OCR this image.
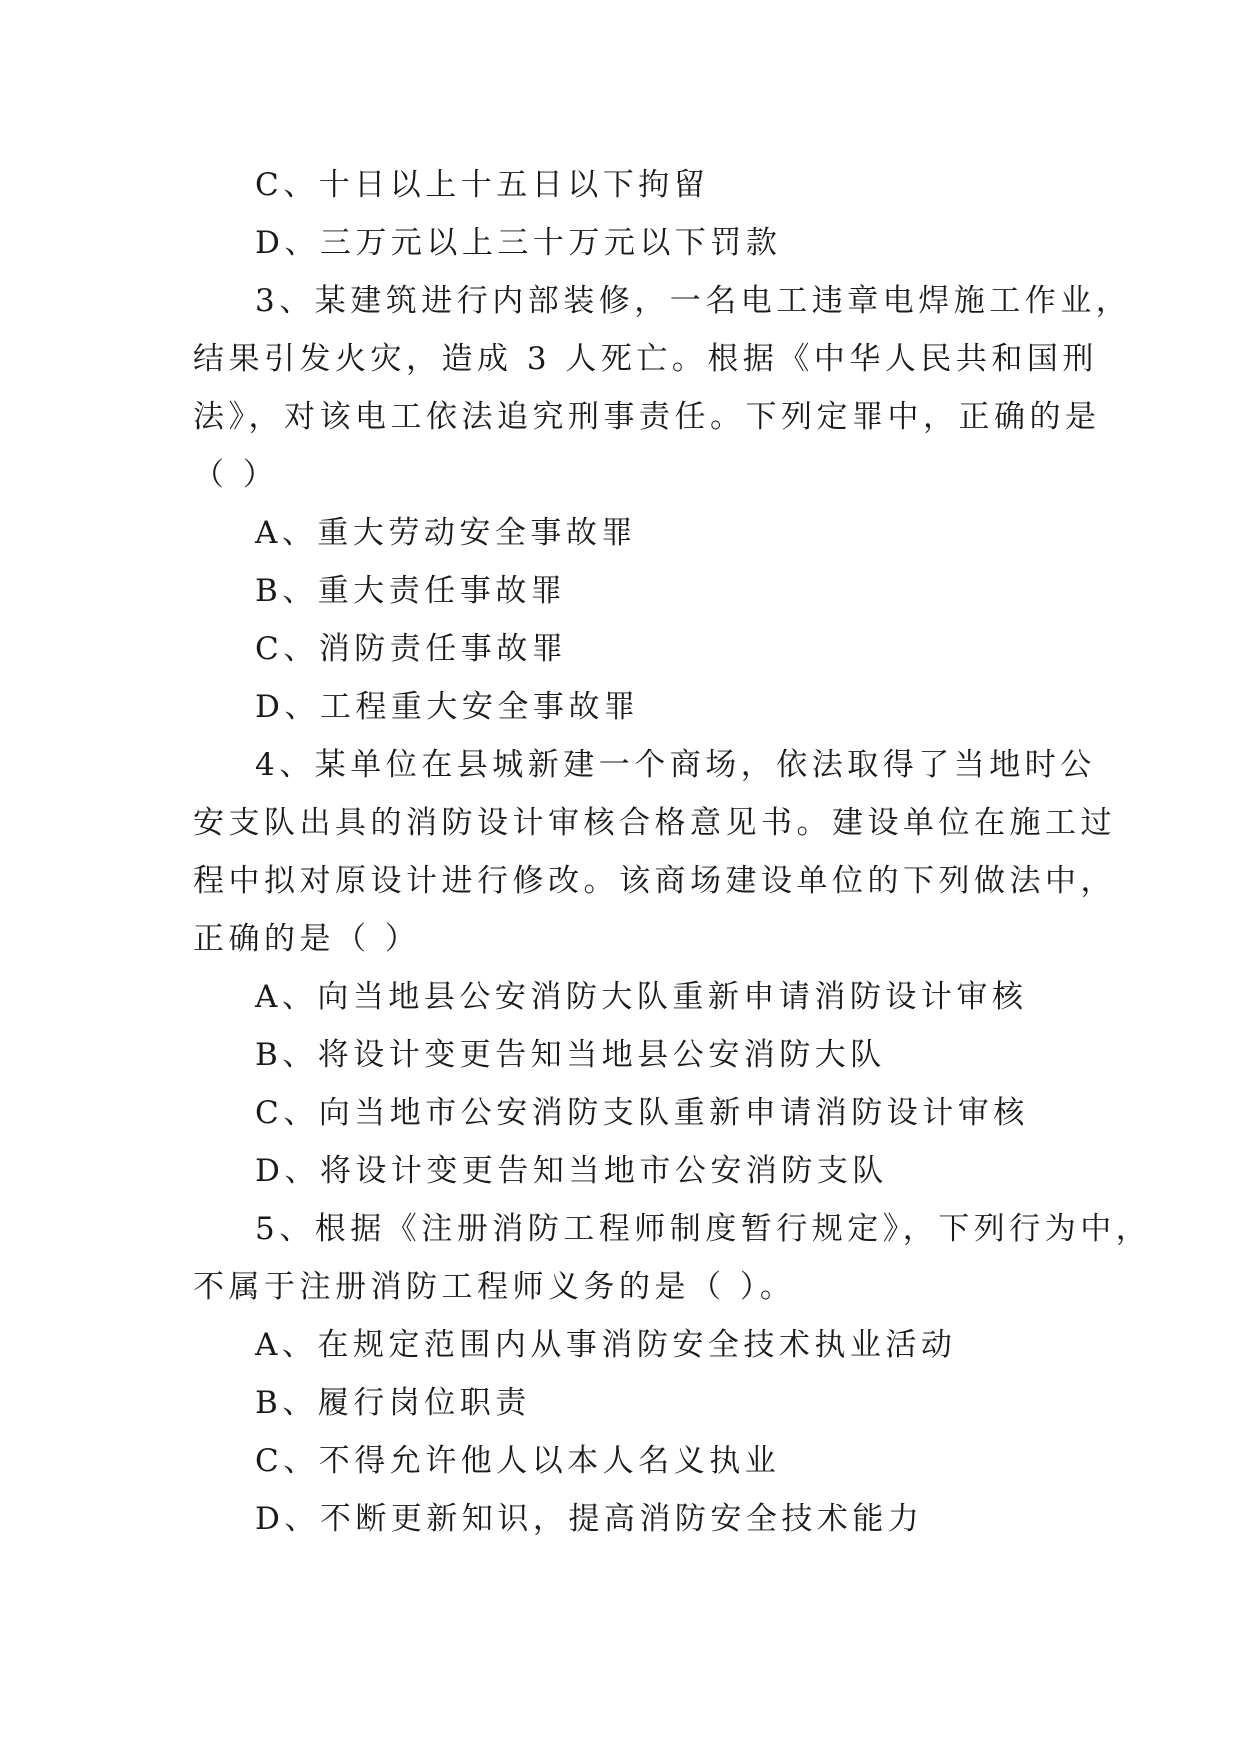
C、十日以上十五日以下拘留
D、三万元以上三十万元以下罚款
3、某建筑进行内部装修，一名电工违章电焊施工作业，
结果引发火灾，造成 3 人死亡。根据《中华人民共和国刑
法》，对该电工依法追究刑事责任。下列定罪中，正确的是
（ ）
A、重大劳动安全事故罪
B、重大责任事故罪
C、消防责任事故罪
D、工程重大安全事故罪
4、某单位在县城新建一个商场，依法取得了当地时公
安支队出具的消防设计审核合格意见书。建设单位在施工过
程中拟对原设计进行修改。该商场建设单位的下列做法中，
正确的是（ ）
A、向当地县公安消防大队重新申请消防设计审核
B、将设计变更告知当地县公安消防大队
C、向当地市公安消防支队重新申请消防设计审核
D、将设计变更告知当地市公安消防支队
5、根据《注册消防工程师制度暂行规定》，下列行为中，
不属于注册消防工程师义务的是（ ）。
A、在规定范围内从事消防安全技术执业活动
B、履行岗位职责
C、不得允许他人以本人名义执业
D、不断更新知识，提高消防安全技术能力
